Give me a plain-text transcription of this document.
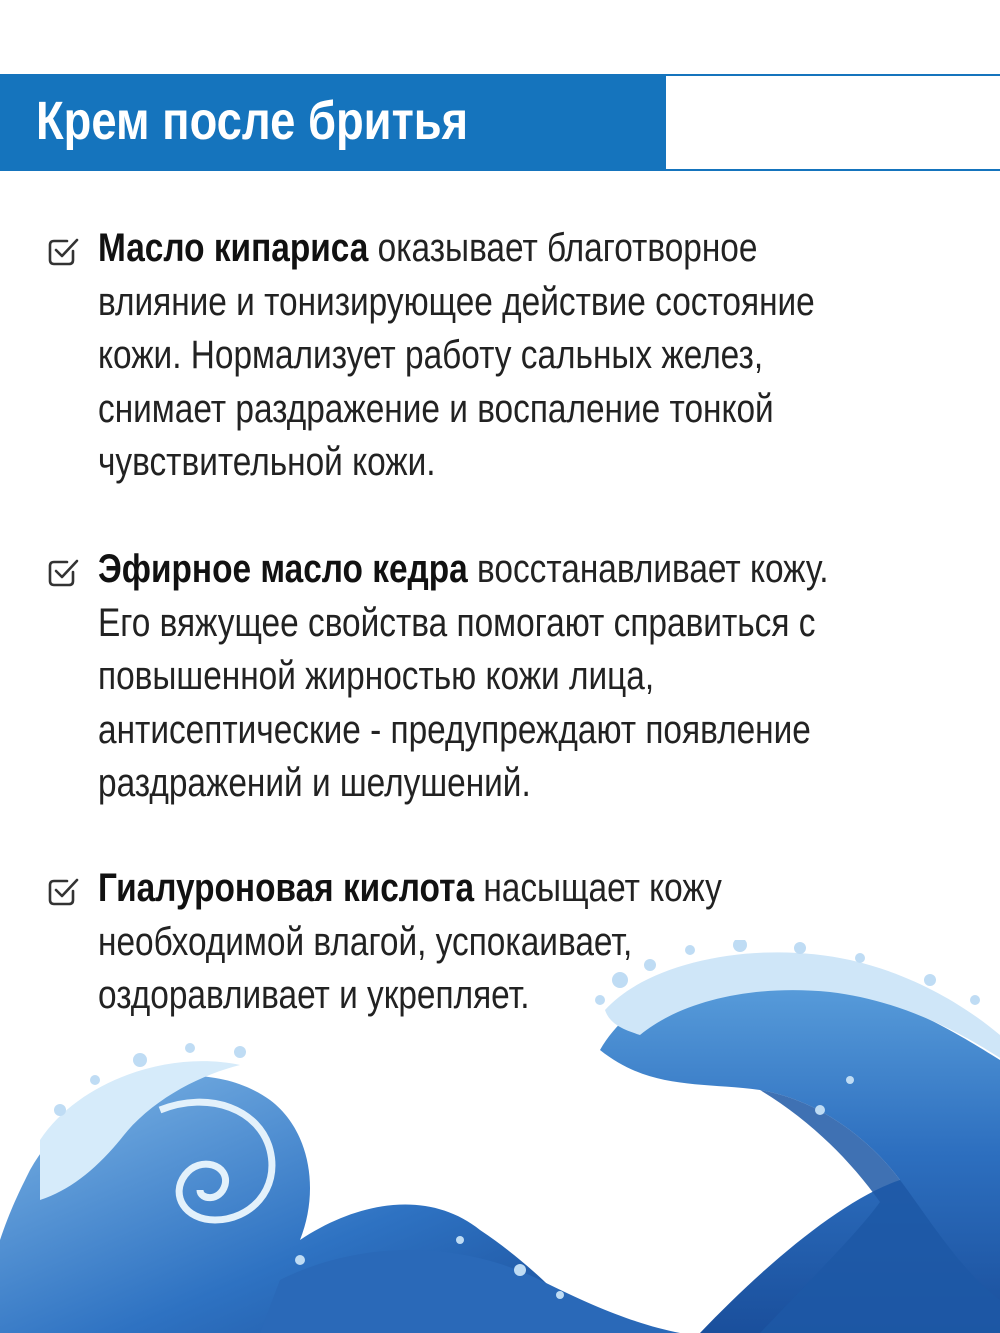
Крем после бритья

Масло кипариса оказывает благотворное
влияние и тонизирующее действие состояние
кожи. Нормализует работу сальных желез,
снимает раздражение и воспаление тонкой
чувствительной кожи.

Эфирное масло кедра восстанавливает кожу.
Его вяжущее свойства помогают справиться с
повышенной жирностью кожи лица,
антисептические - предупреждают появление
раздражений и шелушений.

Гиалуроновая кислота насыщает кожу
необходимой влагой, успокаивает,
оздоравливает и укрепляет.
